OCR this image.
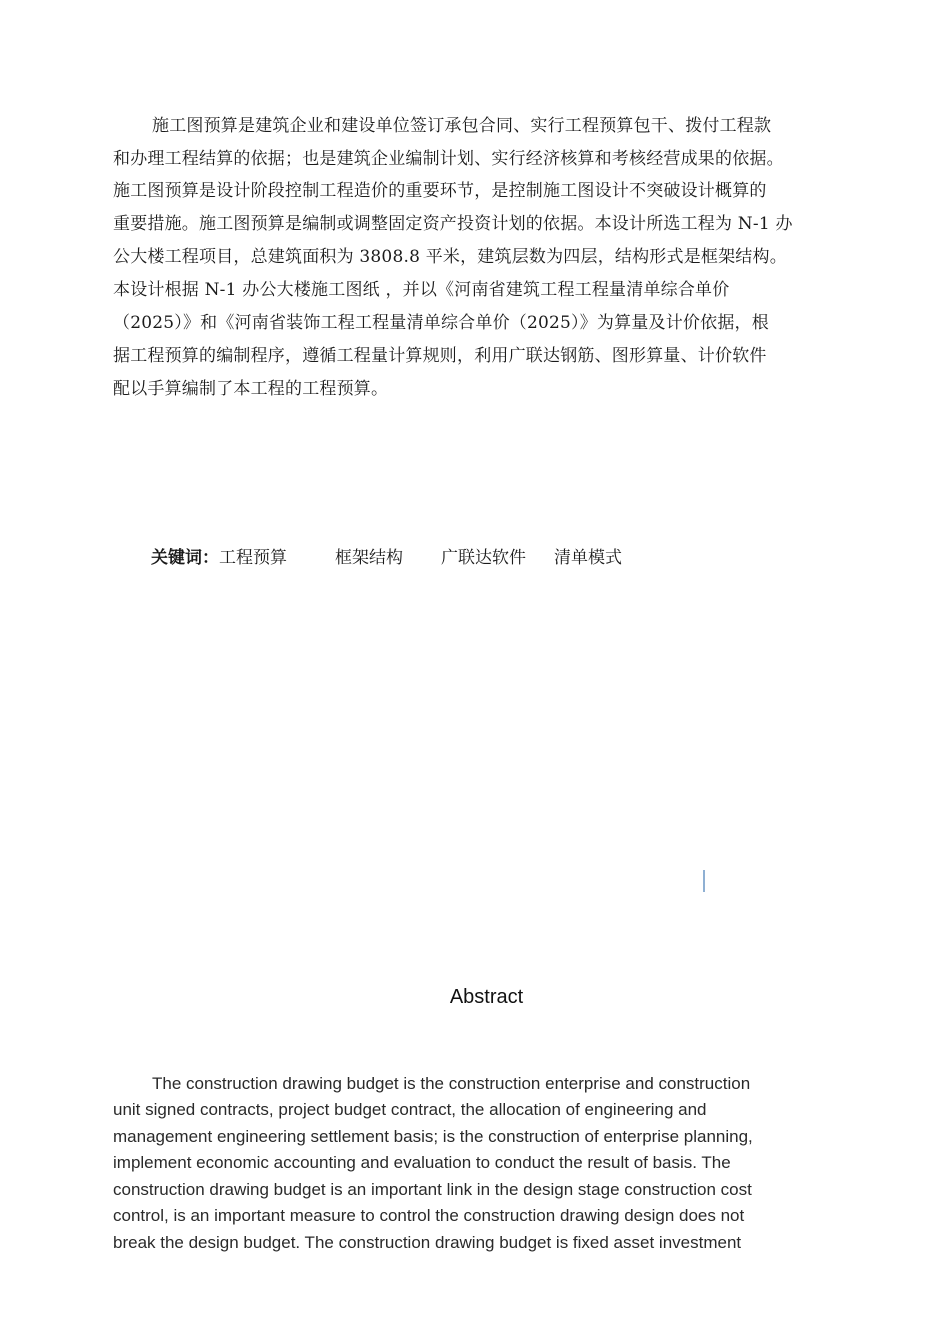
施工图预算是建筑企业和建设单位签订承包合同、实行工程预算包干、拨付工程款
和办理工程结算的依据；也是建筑企业编制计划、实行经济核算和考核经营成果的依据。
施工图预算是设计阶段控制工程造价的重要环节，是控制施工图设计不突破设计概算的
重要措施。施工图预算是编制或调整固定资产投资计划的依据。本设计所选工程为 N-1 办
公大楼工程项目，总建筑面积为 3808.8 平米，建筑层数为四层，结构形式是框架结构。
本设计根据 N-1 办公大楼施工图纸 ，并以《河南省建筑工程工程量清单综合单价
（2025）》和《河南省装饰工程工程量清单综合单价（2025）》为算量及计价依据，根
据工程预算的编制程序，遵循工程量计算规则，利用广联达钢筋、图形算量、计价软件
配以手算编制了本工程的工程预算。
关键词：工程预算	框架结构 广联达软件 清单模式
Abstract
The construction drawing budget is the construction enterprise and construction
unit signed contracts, project budget contract, the allocation of engineering and
management engineering settlement basis; is the construction of enterprise planning,
implement economic accounting and evaluation to conduct the result of basis. The
construction drawing budget is an important link in the design stage construction cost
control, is an important measure to control the construction drawing design does not
break the design budget. The construction drawing budget is fixed asset investment
